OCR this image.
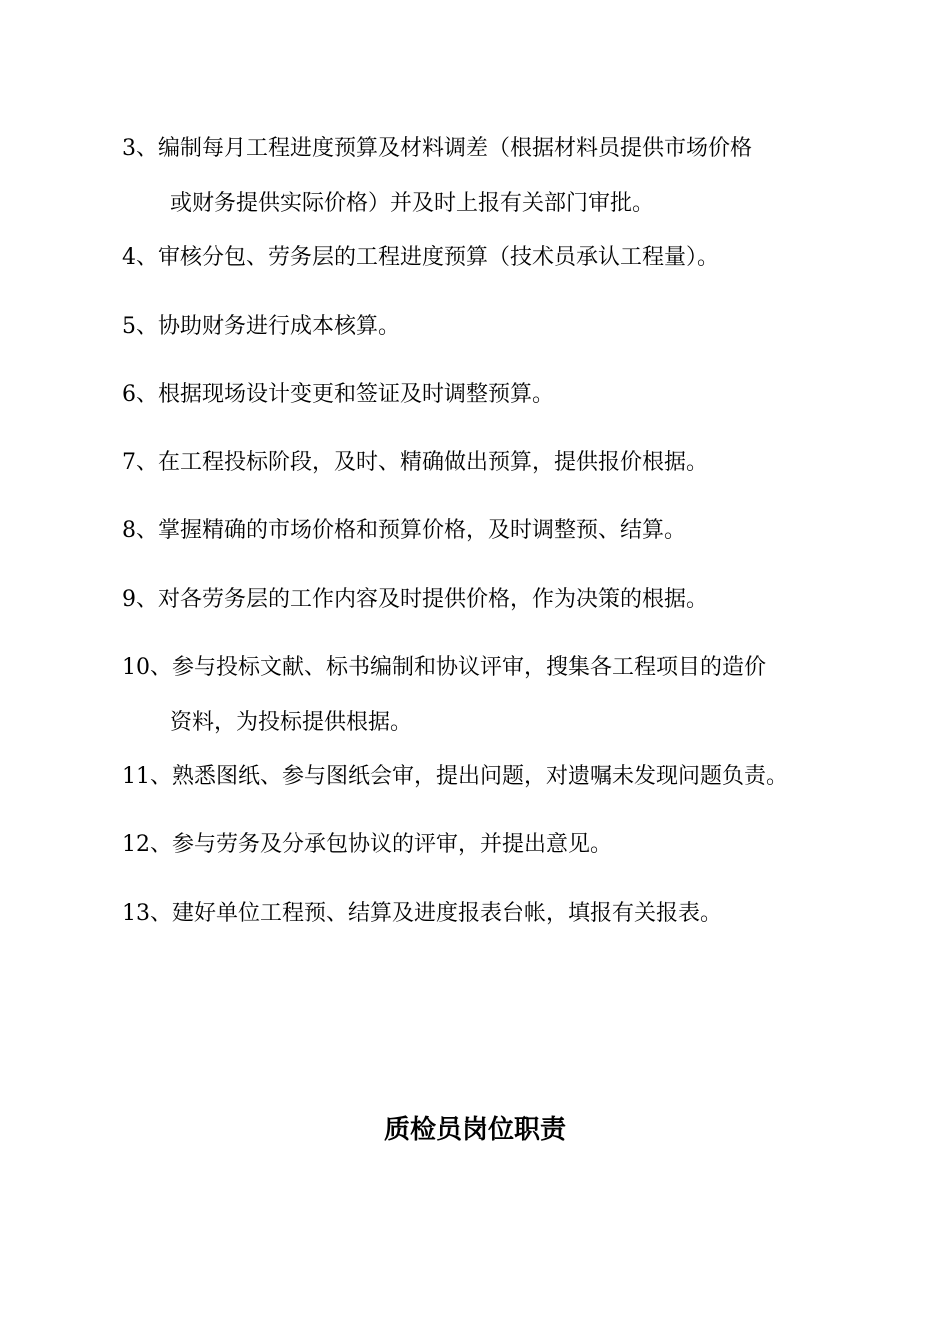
3、编制每月工程进度预算及材料调差（根据材料员提供市场价格
或财务提供实际价格）并及时上报有关部门审批。
4、审核分包、劳务层的工程进度预算（技术员承认工程量）。
5、协助财务进行成本核算。
6、根据现场设计变更和签证及时调整预算。
7、在工程投标阶段，及时、精确做出预算，提供报价根据。
8、掌握精确的市场价格和预算价格，及时调整预、结算。
9、对各劳务层的工作内容及时提供价格，作为决策的根据。
10、参与投标文献、标书编制和协议评审，搜集各工程项目的造价
资料，为投标提供根据。
11、熟悉图纸、参与图纸会审，提出问题，对遗嘱未发现问题负责。
12、参与劳务及分承包协议的评审，并提出意见。
13、建好单位工程预、结算及进度报表台帐，填报有关报表。
质检员岗位职责
